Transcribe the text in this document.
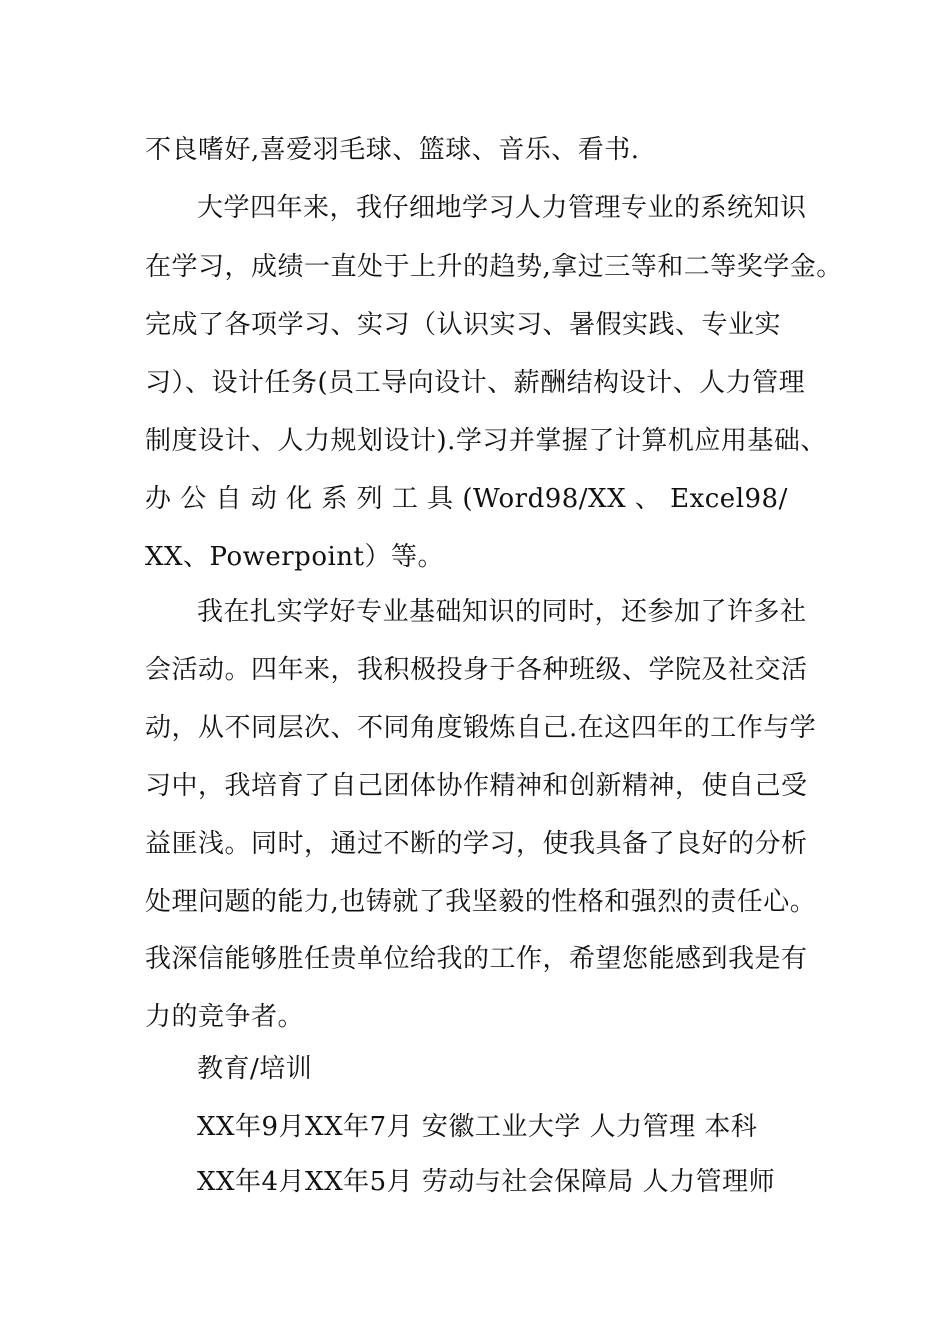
不良嗜好,喜爱羽毛球、篮球、音乐、看书.
大学四年来，我仔细地学习人力管理专业的系统知识
在学习，成绩一直处于上升的趋势,拿过三等和二等奖学金。
完成了各项学习、实习（认识实习、暑假实践、专业实
习）、设计任务(员工导向设计、薪酬结构设计、人力管理
制度设计、人力规划设计).学习并掌握了计算机应用基础、
办 公 自 动 化 系 列 工 具 (Word98/XX 、 Excel98/
XX、Powerpoint）等。
我在扎实学好专业基础知识的同时，还参加了许多社
会活动。四年来，我积极投身于各种班级、学院及社交活
动，从不同层次、不同角度锻炼自己.在这四年的工作与学
习中，我培育了自己团体协作精神和创新精神，使自己受
益匪浅。同时，通过不断的学习，使我具备了良好的分析
处理问题的能力,也铸就了我坚毅的性格和强烈的责任心。
我深信能够胜任贵单位给我的工作，希望您能感到我是有
力的竞争者。
教育/培训
XX年9月XX年7月 安徽工业大学 人力管理 本科
XX年4月XX年5月 劳动与社会保障局 人力管理师
